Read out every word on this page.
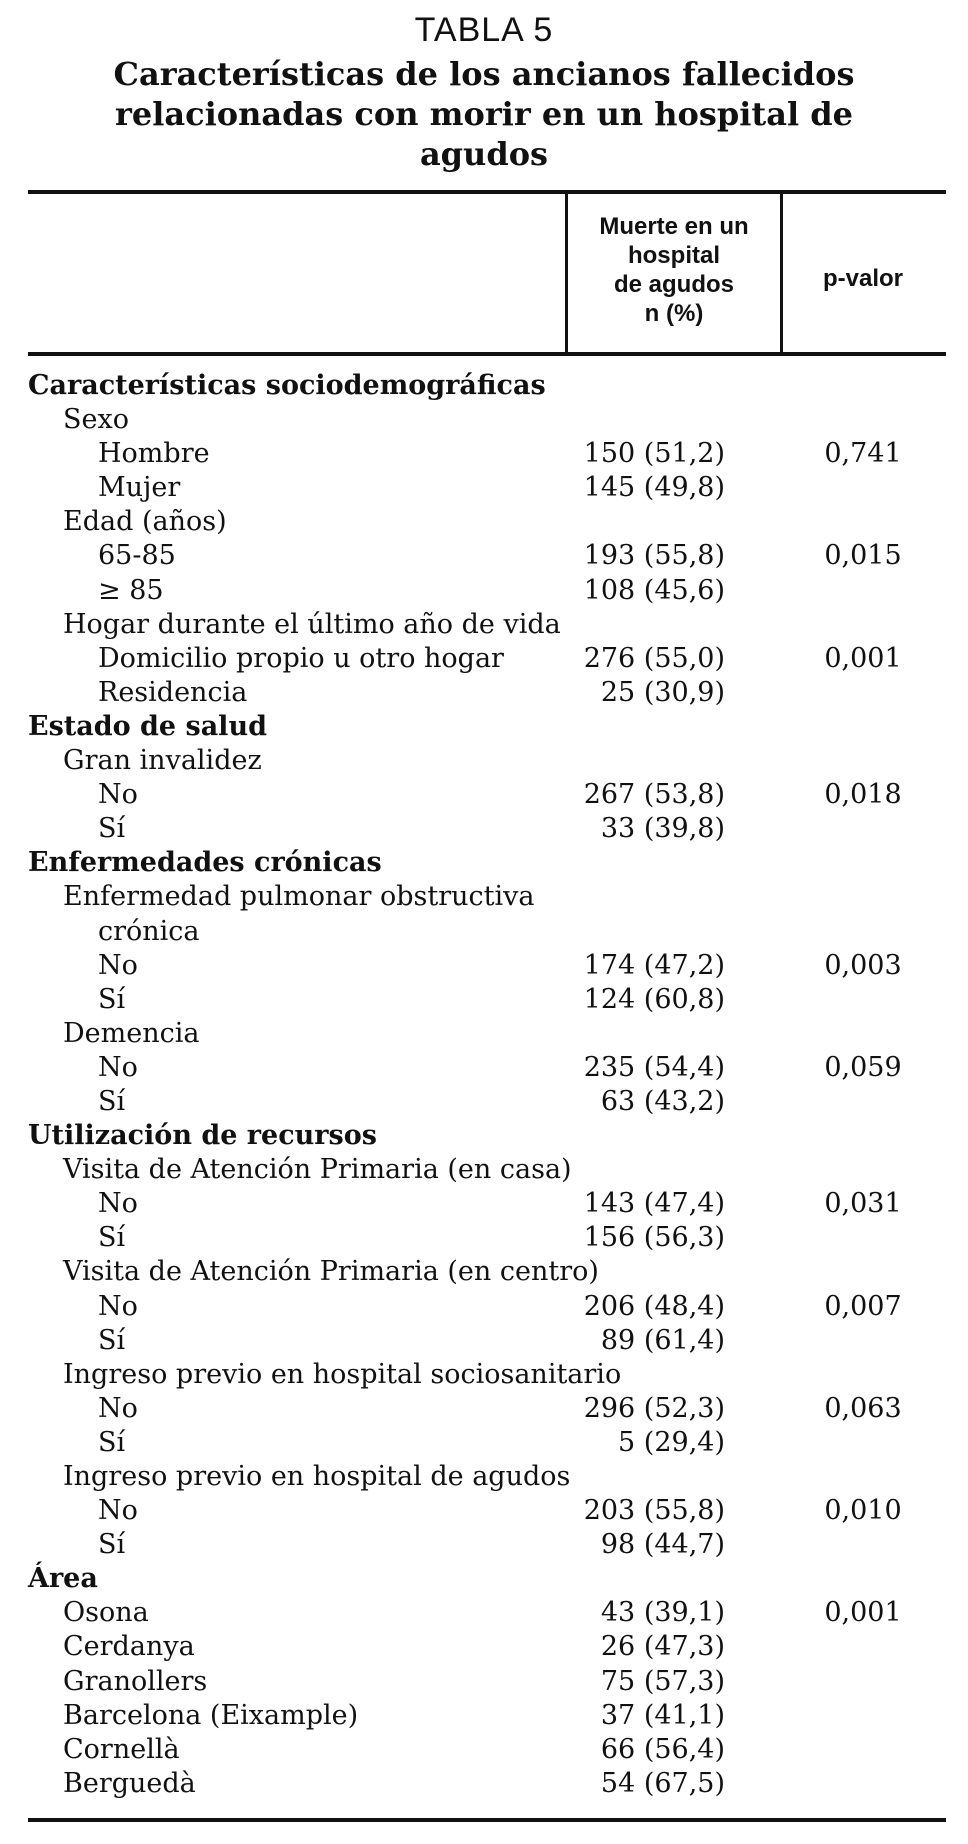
TABLA 5
Características de los ancianos fallecidos relacionadas con morir en un hospital de agudos
Muerte en un
hospital
de agudos
n (%)
p-valor
Características sociodemográficas
Sexo
Hombre	150 (51,2)	0,741
Mujer	145 (49,8)
Edad (años)
65-85	193 (55,8)	0,015
≥ 85	108 (45,6)
Hogar durante el último año de vida
Domicilio propio u otro hogar	276 (55,0)	0,001
Residencia	25 (30,9)
Estado de salud
Gran invalidez
No	267 (53,8)	0,018
Sí	33 (39,8)
Enfermedades crónicas
Enfermedad pulmonar obstructiva
crónica
No	174 (47,2)	0,003
Sí	124 (60,8)
Demencia
No	235 (54,4)	0,059
Sí	63 (43,2)
Utilización de recursos
Visita de Atención Primaria (en casa)
No	143 (47,4)	0,031
Sí	156 (56,3)
Visita de Atención Primaria (en centro)
No	206 (48,4)	0,007
Sí	89 (61,4)
Ingreso previo en hospital sociosanitario
No	296 (52,3)	0,063
Sí	5 (29,4)
Ingreso previo en hospital de agudos
No	203 (55,8)	0,010
Sí	98 (44,7)
Área
Osona	43 (39,1)	0,001
Cerdanya	26 (47,3)
Granollers	75 (57,3)
Barcelona (Eixample)	37 (41,1)
Cornellà	66 (56,4)
Berguedà	54 (67,5)
